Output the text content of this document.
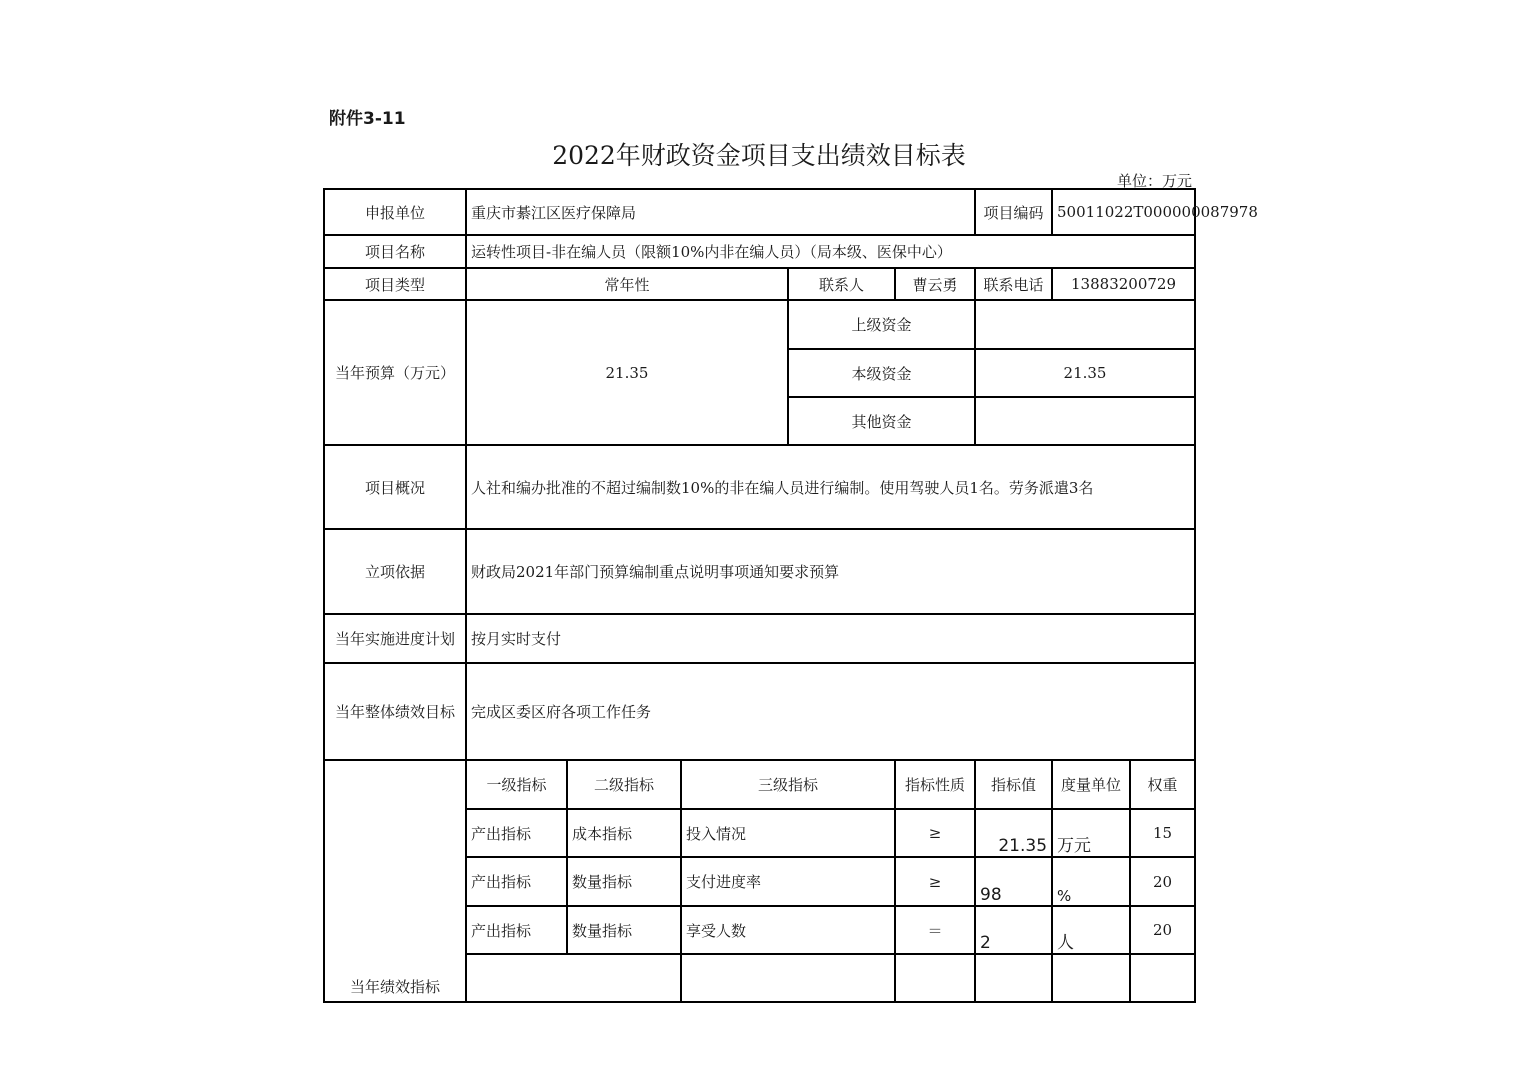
附件3-11
2022年财政资金项目支出绩效目标表
单位：万元
申报单位	重庆市綦江区医疗保障局					项目编码	50011022T000000087978	
项目名称	运转性项目-非在编人员（限额10%内非在编人员）（局本级、医保中心）							
项目类型	常年性			联系人	曹云勇	联系电话	13883200729	
当年预算（万元）	21.35			上级资金				
				本级资金		21.35		
				其他资金				
项目概况	人社和编办批准的不超过编制数10%的非在编人员进行编制。使用驾驶人员1名。劳务派遣3名							
立项依据	财政局2021年部门预算编制重点说明事项通知要求预算							
当年实施进度计划	按月实时支付							
当年整体绩效目标	完成区委区府各项工作任务							
当年绩效指标	一级指标	二级指标	三级指标		指标性质	指标值	度量单位	权重
	产出指标	成本指标	投入情况		≥	21.35	万元	15
	产出指标	数量指标	支付进度率		≥	98	%	20
	产出指标	数量指标	享受人数		＝	2	人	20
